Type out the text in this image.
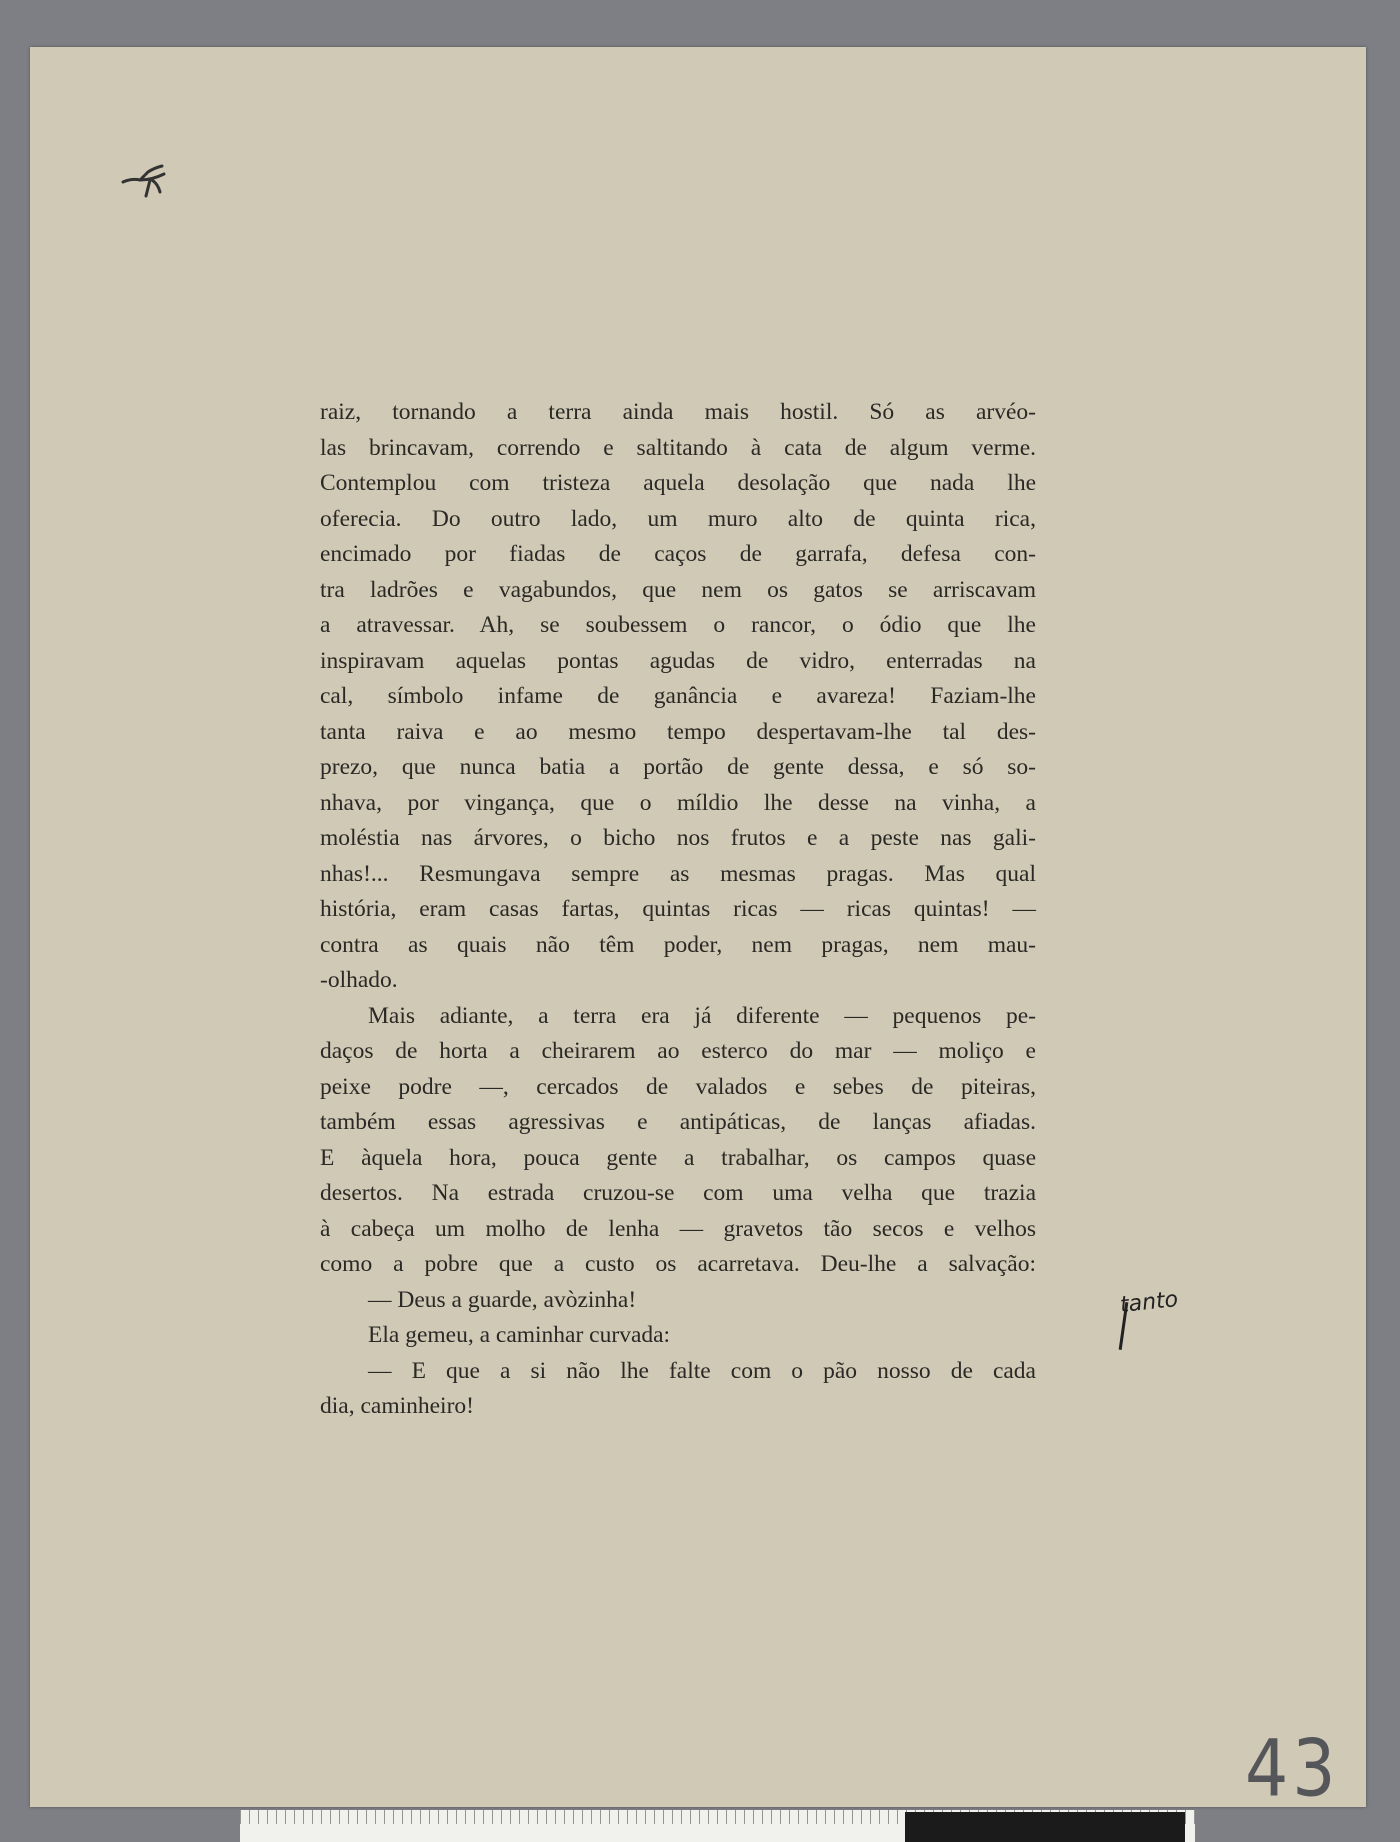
raiz, tornando a terra ainda mais hostil. Só as arvéo-
las brincavam, correndo e saltitando à cata de algum verme.
Contemplou com tristeza aquela desolação que nada lhe
oferecia. Do outro lado, um muro alto de quinta rica,
encimado por fiadas de caços de garrafa, defesa con-
tra ladrões e vagabundos, que nem os gatos se arriscavam
a atravessar. Ah, se soubessem o rancor, o ódio que lhe
inspiravam aquelas pontas agudas de vidro, enterradas na
cal, símbolo infame de ganância e avareza! Faziam-lhe
tanta raiva e ao mesmo tempo despertavam-lhe tal des-
prezo, que nunca batia a portão de gente dessa, e só so-
nhava, por vingança, que o míldio lhe desse na vinha, a
moléstia nas árvores, o bicho nos frutos e a peste nas gali-
nhas!... Resmungava sempre as mesmas pragas. Mas qual
história, eram casas fartas, quintas ricas — ricas quintas! —
contra as quais não têm poder, nem pragas, nem mau-
-olhado.
Mais adiante, a terra era já diferente — pequenos pe-
daços de horta a cheirarem ao esterco do mar — moliço e
peixe podre —, cercados de valados e sebes de piteiras,
também essas agressivas e antipáticas, de lanças afiadas.
E àquela hora, pouca gente a trabalhar, os campos quase
desertos. Na estrada cruzou-se com uma velha que trazia
à cabeça um molho de lenha — gravetos tão secos e velhos
como a pobre que a custo os acarretava. Deu-lhe a salvação:
— Deus a guarde, avòzinha!
Ela gemeu, a caminhar curvada:
— E que a si não lhe falte com o pão nosso de cada
dia, caminheiro!
tanto
43
